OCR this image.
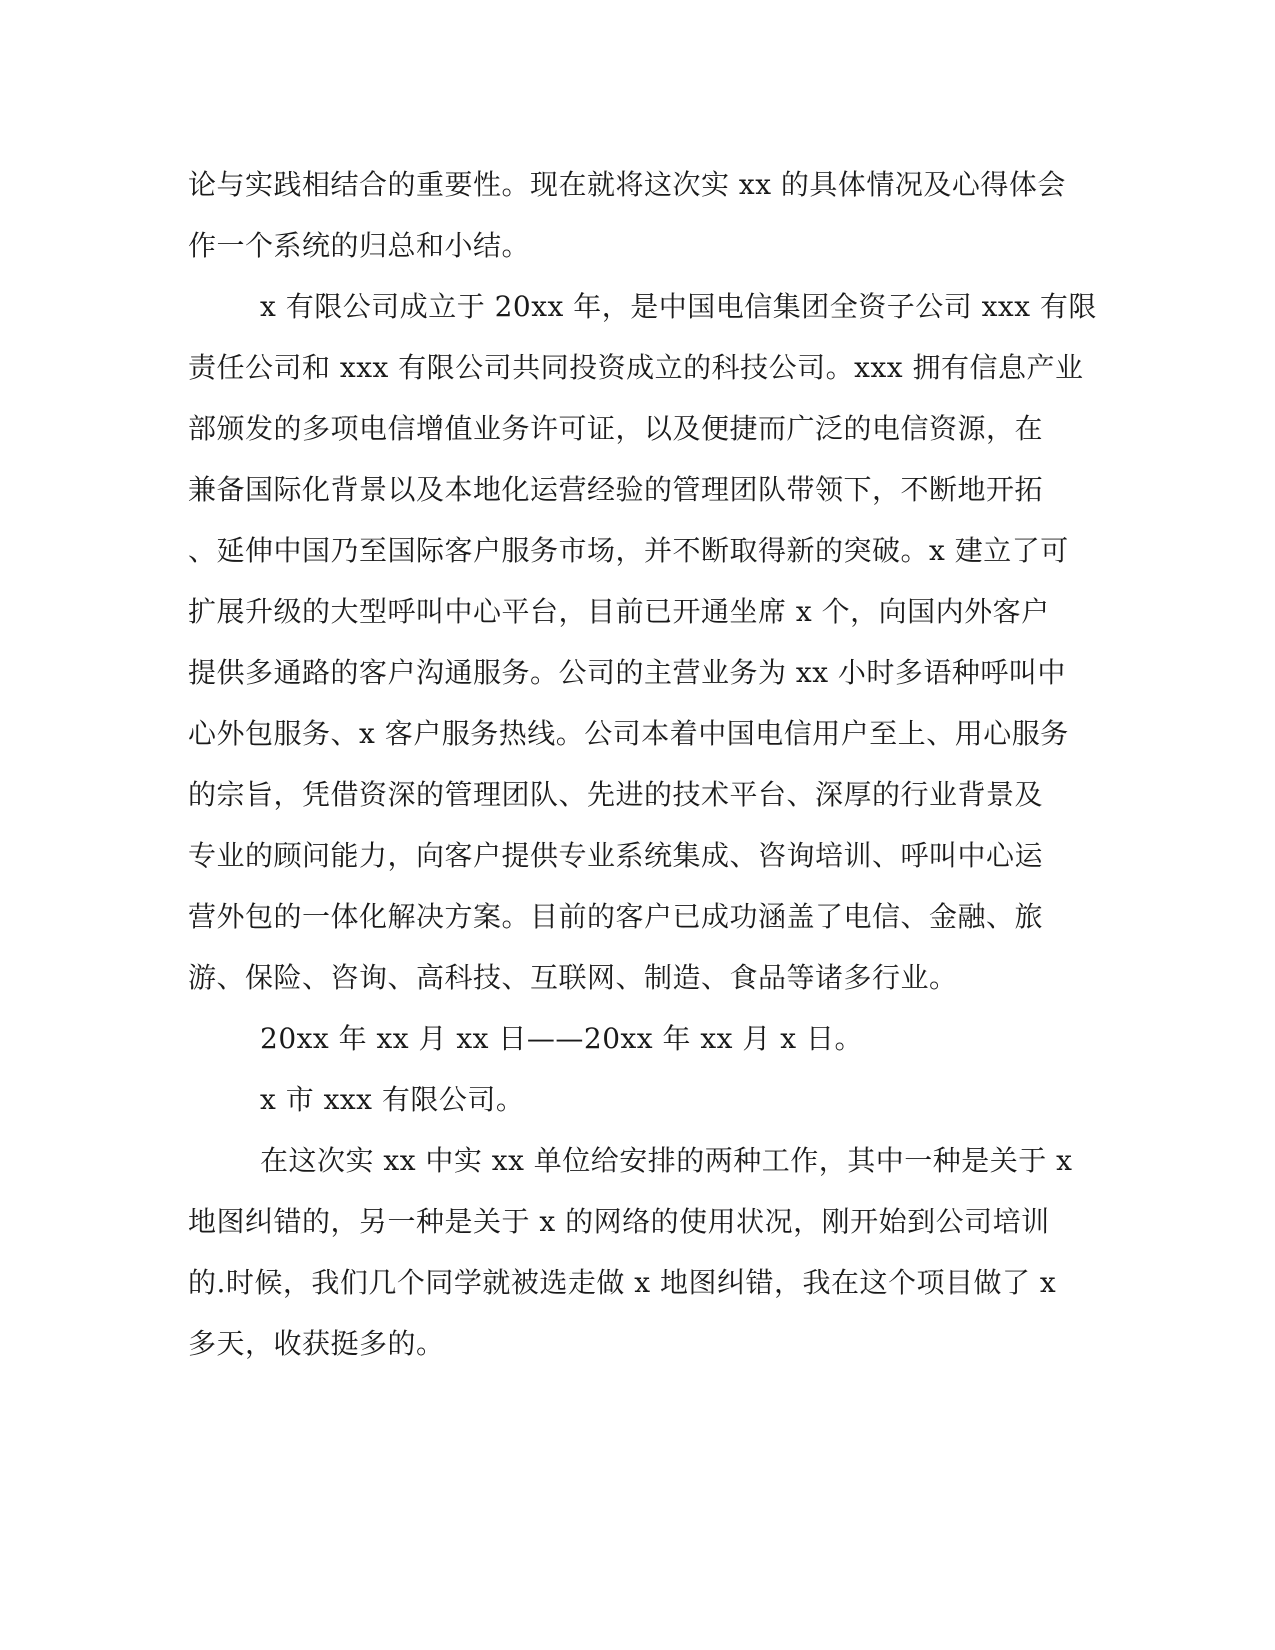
论与实践相结合的重要性。现在就将这次实 xx 的具体情况及心得体会
作一个系统的归总和小结。
x 有限公司成立于 20xx 年，是中国电信集团全资子公司 xxx 有限
责任公司和 xxx 有限公司共同投资成立的科技公司。xxx 拥有信息产业
部颁发的多项电信增值业务许可证，以及便捷而广泛的电信资源，在
兼备国际化背景以及本地化运营经验的管理团队带领下，不断地开拓
、延伸中国乃至国际客户服务市场，并不断取得新的突破。x 建立了可
扩展升级的大型呼叫中心平台，目前已开通坐席 x 个，向国内外客户
提供多通路的客户沟通服务。公司的主营业务为 xx 小时多语种呼叫中
心外包服务、x 客户服务热线。公司本着中国电信用户至上、用心服务
的宗旨，凭借资深的管理团队、先进的技术平台、深厚的行业背景及
专业的顾问能力，向客户提供专业系统集成、咨询培训、呼叫中心运
营外包的一体化解决方案。目前的客户已成功涵盖了电信、金融、旅
游、保险、咨询、高科技、互联网、制造、食品等诸多行业。
20xx 年 xx 月 xx 日——20xx 年 xx 月 x 日。
x 市 xxx 有限公司。
在这次实 xx 中实 xx 单位给安排的两种工作，其中一种是关于 x
地图纠错的，另一种是关于 x 的网络的使用状况，刚开始到公司培训
的.时候，我们几个同学就被选走做 x 地图纠错，我在这个项目做了 x
多天，收获挺多的。
